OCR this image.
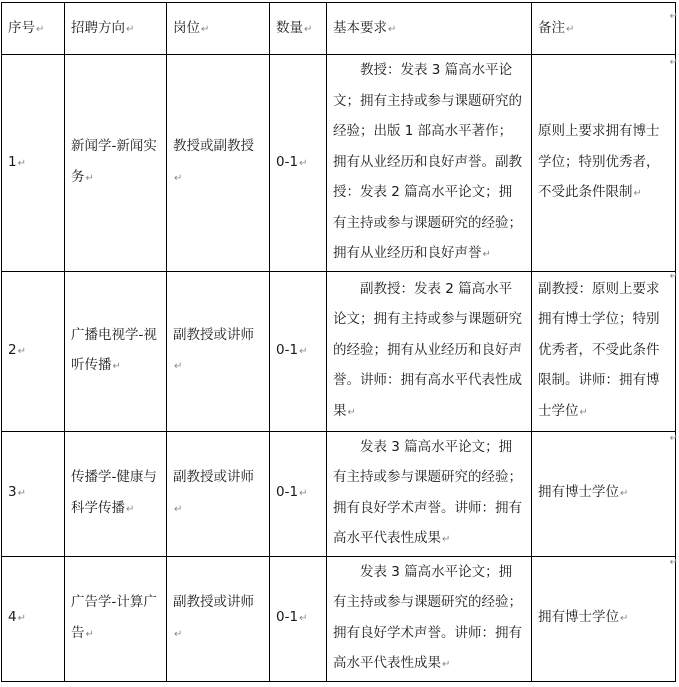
序号↵	招聘方向↵	岗位↵	数量↵	基本要求↵	备注↵
1↵	新闻学-新闻实务↵	教授或副教授↵	0-1↵	教授：发表 3 篇高水平论文；拥有主持或参与课题研究的经验；出版 1 部高水平著作；拥有从业经历和良好声誉。副教授：发表 2 篇高水平论文；拥有主持或参与课题研究的经验；拥有从业经历和良好声誉↵	原则上要求拥有博士学位；特别优秀者，不受此条件限制↵
2↵	广播电视学-视听传播↵	副教授或讲师↵	0-1↵	副教授：发表 2 篇高水平论文；拥有主持或参与课题研究的经验；拥有从业经历和良好声誉。讲师：拥有高水平代表性成果↵	副教授：原则上要求拥有博士学位；特别优秀者，不受此条件限制。讲师：拥有博士学位↵
3↵	传播学-健康与科学传播↵	副教授或讲师↵	0-1↵	发表 3 篇高水平论文；拥有主持或参与课题研究的经验；拥有良好学术声誉。讲师：拥有高水平代表性成果↵	拥有博士学位↵
4↵	广告学-计算广告↵	副教授或讲师↵	0-1↵	发表 3 篇高水平论文；拥有主持或参与课题研究的经验；拥有良好学术声誉。讲师：拥有高水平代表性成果↵	拥有博士学位↵
↵
↵
↵
↵
↵
